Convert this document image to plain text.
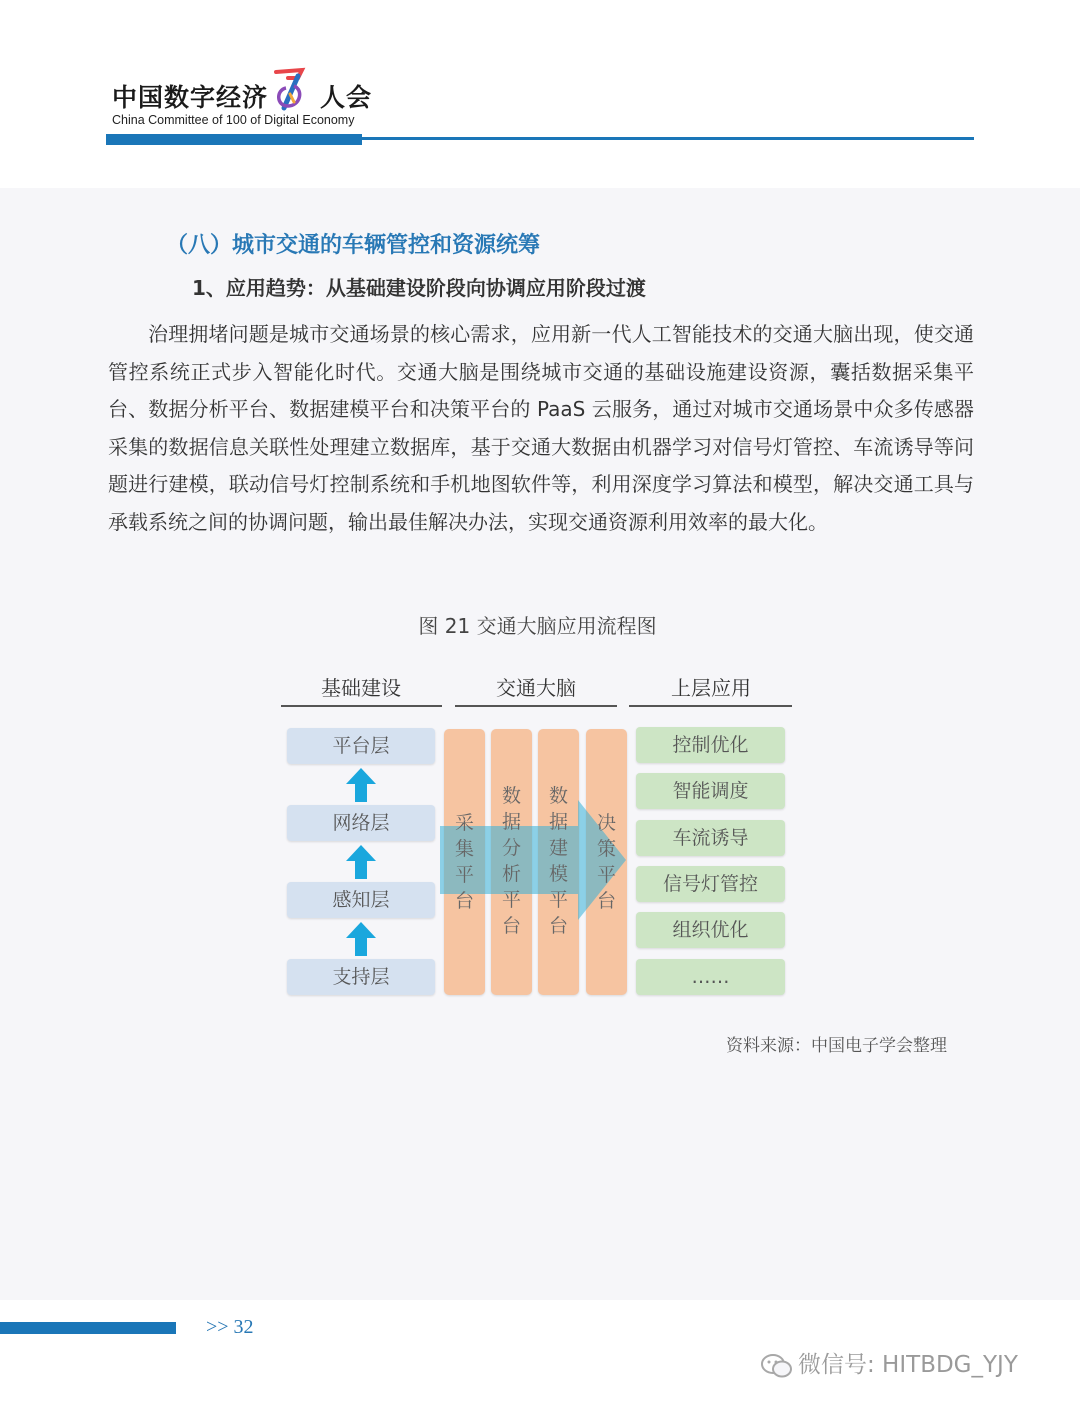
中国数字经济 人会
China Committee of 100 of Digital Economy
（八）城市交通的车辆管控和资源统筹
1、应用趋势：从基础建设阶段向协调应用阶段过渡

治理拥堵问题是城市交通场景的核心需求，应用新一代人工智能技术的交通大脑出现，使交通管控系统正式步入智能化时代。交通大脑是围绕城市交通的基础设施建设资源，囊括数据采集平台、数据分析平台、数据建模平台和决策平台的 PaaS 云服务，通过对城市交通场景中众多传感器采集的数据信息关联性处理建立数据库，基于交通大数据由机器学习对信号灯管控、车流诱导等问题进行建模，联动信号灯控制系统和手机地图软件等，利用深度学习算法和模型，解决交通工具与承载系统之间的协调问题，输出最佳解决办法，实现交通资源利用效率的最大化。

图 21 交通大脑应用流程图
基础建设	交通大脑	上层应用
平台层
网络层
感知层
支持层
采
集
平
台
数
据
分
析
平
台
数
据
建
模
平
台
决
策
平
台
控制优化
智能调度
车流诱导
信号灯管控
组织优化
……
资料来源：中国电子学会整理
>> 32
微信号: HITBDG_YJY
